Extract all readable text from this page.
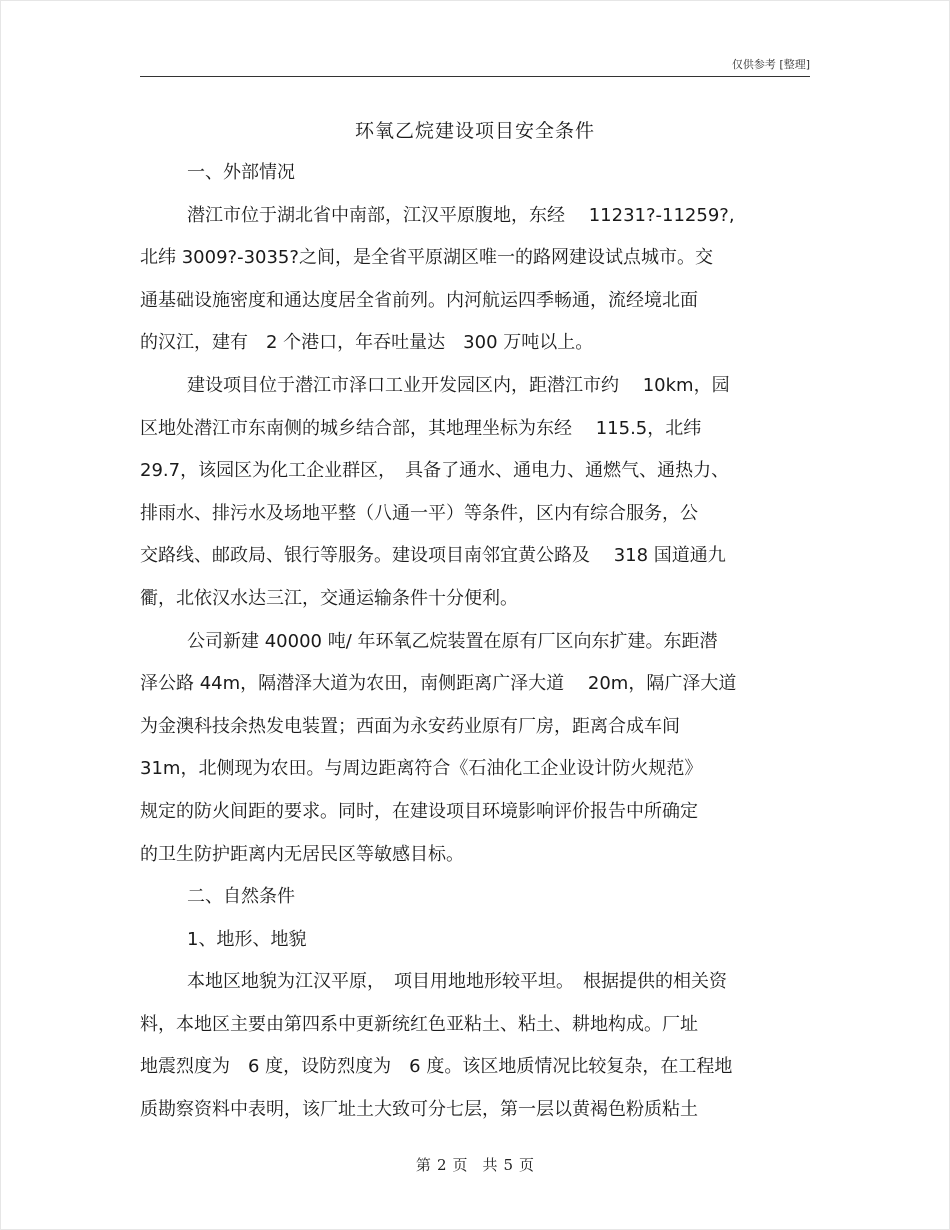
仅供参考 [整理]
环氧乙烷建设项目安全条件
一、外部情况
潜江市位于湖北省中南部，江汉平原腹地，东经　 11231?-11259?,
北纬 3009?-3035?之间，是全省平原湖区唯一的路网建设试点城市。交
通基础设施密度和通达度居全省前列。内河航运四季畅通，流经境北面
的汉江，建有　2 个港口，年吞吐量达　300 万吨以上。
建设项目位于潜江市泽口工业开发园区内，距潜江市约　 10km，园
区地处潜江市东南侧的城乡结合部，其地理坐标为东经　 115.5，北纬
29.7，该园区为化工企业群区，　具备了通水、通电力、通燃气、通热力、
排雨水、排污水及场地平整（八通一平）等条件，区内有综合服务，公
交路线、邮政局、银行等服务。建设项目南邻宜黄公路及　 318 国道通九
衢，北依汉水达三江，交通运输条件十分便利。
公司新建 40000 吨/ 年环氧乙烷装置在原有厂区向东扩建。东距潜
泽公路 44m，隔潜泽大道为农田，南侧距离广泽大道　 20m，隔广泽大道
为金澳科技余热发电装置；西面为永安药业原有厂房，距离合成车间
31m，北侧现为农田。与周边距离符合《石油化工企业设计防火规范》
规定的防火间距的要求。同时，在建设项目环境影响评价报告中所确定
的卫生防护距离内无居民区等敏感目标。
二、自然条件
1、地形、地貌
本地区地貌为江汉平原，　项目用地地形较平坦。　根据提供的相关资
料，本地区主要由第四系中更新统红色亚粘土、粘土、耕地构成。厂址
地震烈度为　6 度，设防烈度为　6 度。该区地质情况比较复杂，在工程地
质勘察资料中表明，该厂址土大致可分七层，第一层以黄褐色粉质粘土
第 2 页　共 5 页
